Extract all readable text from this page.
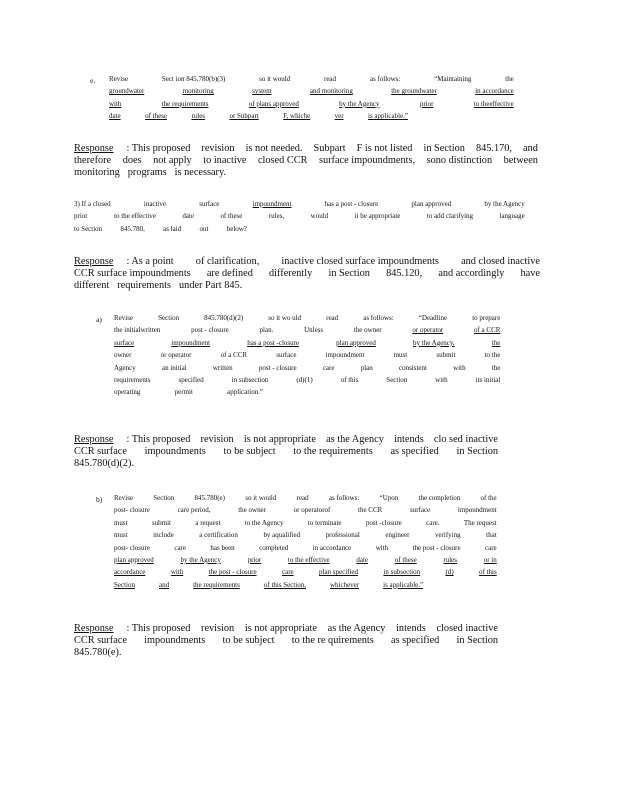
e. Revise	Sect ion 845.780(b)(3)	so it would	read	as follows:	“Maintaining	the
groundwater	monitoring	system	and monitoring	the groundwater	in accordance
with	the requirements	of plans approved	by the Agency	prior	to theeffective
date	of these	rules	or Subpart	F, whiche	ver	is applicable.”
Response : This proposed revision is not needed. Subpart F is not listed in Section 845.170, and
therefore does not apply to inactive closed CCR surface impoundments, sono distinction between
monitoring programs is necessary.
3) If a closed	inactive	surface	impoundment	has a post - closure	plan approved	by the Agency
prior	to the effective	date	of these	rules,	would	it be appropriate	to add clarifying	language
to Section 845.780, as laid out below?
Response : As a point of clarification, inactive closed surface impoundments and closed inactive
CCR surface impoundments are defined differently in Section 845.120, and accordingly have
different requirements under Part 845.
a) Revise	Section	845.780(d)(2)	so it wo uld	read	as follows:	“Deadline	to prepare
the initialwritten	post - closure	plan.	Unless	the owner	or operator	of a CCR
surface	impoundment	has a post -closure	plan approved	by the Agency,	the
owner	or operator	of a CCR	surface	impoundment	must	submit	to the
Agency	an initial	written	post - closure	care	plan	consistent	with	the
requirements	specified	in subsection	(d)(1)	of this	Section	with	its initial
operating	permit	application.”
Response : This proposed revision is not appropriate as the Agency intends clo sed inactive
CCR surface impoundments to be subject to the requirements as specified in Section
845.780(d)(2).
b) Revise	Section	845.780(e)	so it would	read	as follows:	“Upon	the completion	of the
post- closure	care period,	the owner	or operatorof	the CCR	surface	impoundment
must	submit	a request	to the Agency	to terminate	post -closure	care.	The request
must	include	a certification	by aqualified	professional	engineer	verifying	that
post- closure	care	has been	completed	in accordance	with	the post - closure	care
plan approved	by the Agency	prior	to the effective	date	of these	rules	or in
accordance	with	the post - closure	care	plan specified	in subsection	(d)	of this
Section	and	the requirements	of this Section,	whichever	is applicable.”
Response : This proposed revision is not appropriate as the Agency intends closed inactive
CCR surface impoundments to be subject to the re quirements as specified in Section
845.780(e).
